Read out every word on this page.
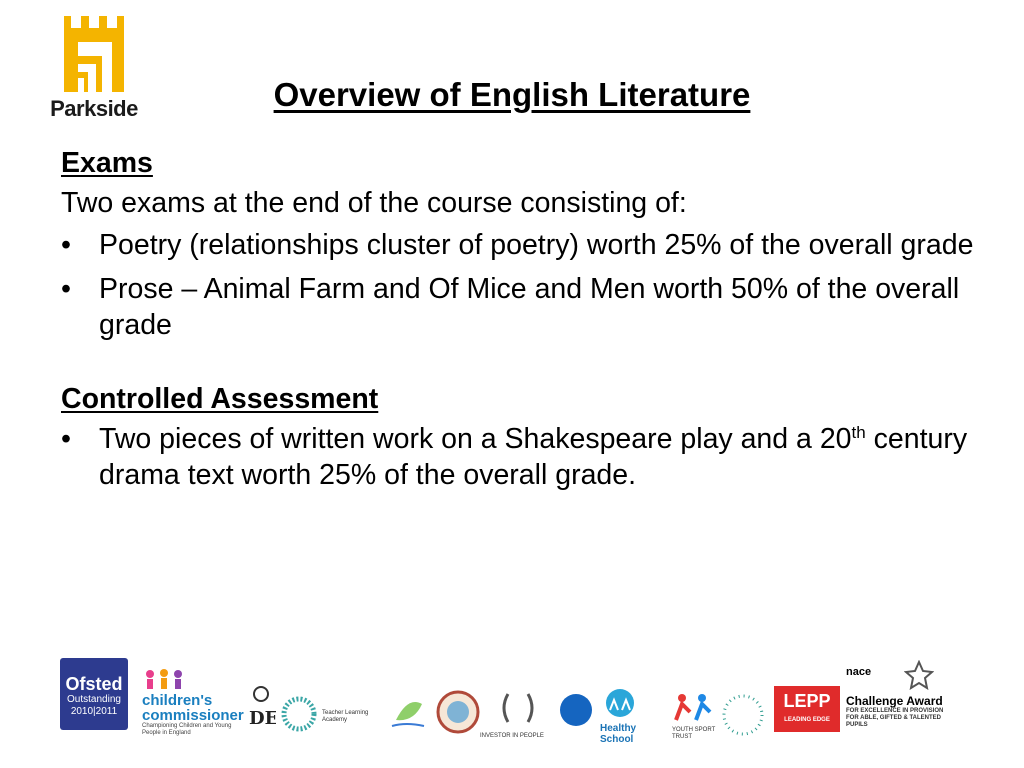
Parkside	Overview of English Literature

Exams

Two exams at the end of the course consisting of:

• Poetry (relationships cluster of poetry) worth 25% of the overall grade
• Prose – Animal Farm and Of Mice and Men worth 50% of the overall grade

Controlled Assessment

• Two pieces of written work on a Shakespeare play and a 20th century drama text worth 25% of the overall grade.
Ofsted
Outstanding
2010|2011
children's
commissioner
Championing Children and Young People in England
DE	Teacher Learning Academy
INVESTOR IN PEOPLE
Healthy School
YOUTH SPORT TRUST
LEPP
LEADING EDGE
nace
Challenge Award
FOR EXCELLENCE IN PROVISION FOR ABLE, GIFTED & TALENTED PUPILS
